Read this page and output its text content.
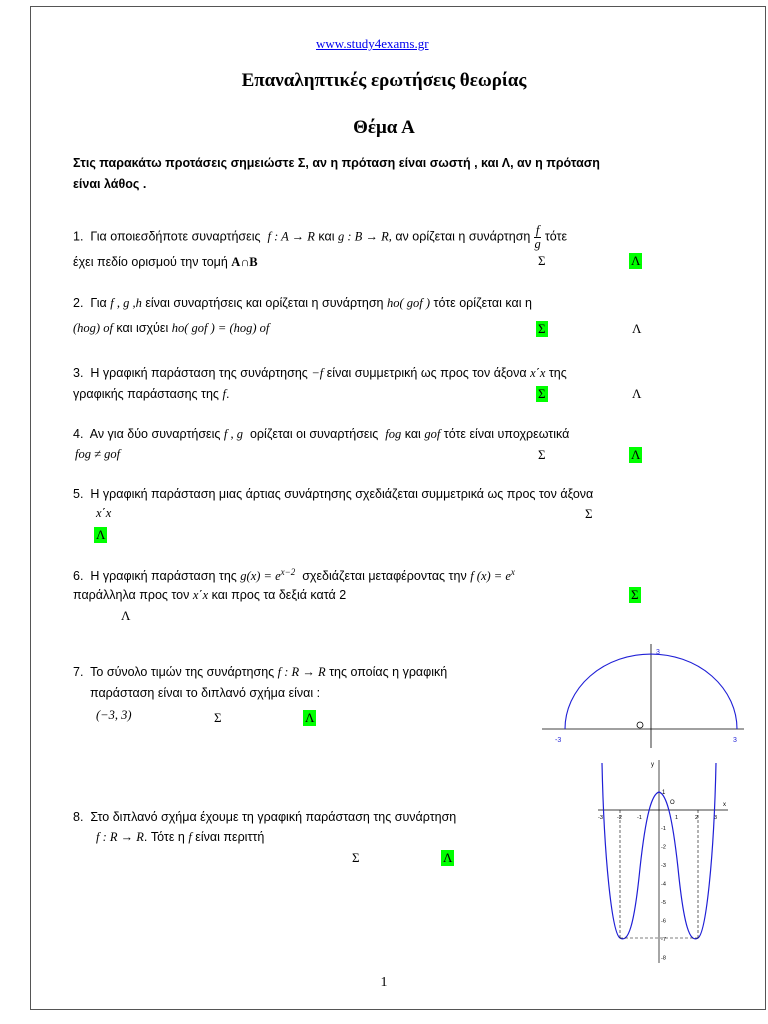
www.study4exams.gr
Επαναληπτικές ερωτήσεις θεωρίας
Θέμα Α
Στις παρακάτω προτάσεις σημειώστε Σ, αν η πρόταση είναι σωστή , και Λ, αν η πρόταση
είναι λάθος .
1. Για οποιεσδήποτε συναρτήσεις f : A → R και g : B → R, αν ορίζεται η συνάρτηση $\frac{f}{g}$ τότε
έχει πεδίο ορισμού την τομή A∩B	Σ	Λ
2. Για f , g ,h είναι συναρτήσεις και ορίζεται η συνάρτηση ho( gof ) τότε ορίζεται και η
(hog) of και ισχύει ho( gof ) = (hog) of	Σ	Λ
3. Η γραφική παράσταση της συνάρτησης −f είναι συμμετρική ως προς τον άξονα x΄x της
γραφικής παράστασης της f.	Σ	Λ
4. Αν για δύο συναρτήσεις f , g ορίζεται οι συναρτήσεις fog και gof τότε είναι υποχρεωτικά
fog ≠ gof	Σ	Λ
5. Η γραφική παράσταση μιας άρτιας συνάρτησης σχεδιάζεται συμμετρικά ως προς τον άξονα
x΄x	Σ
Λ
6. Η γραφική παράσταση της $g(x) = e^{x-2}$ σχεδιάζεται μεταφέροντας την f $(x) = e^x$
παράλληλα προς τον x΄x και προς τα δεξιά κατά 2	Σ
Λ
7. Το σύνολο τιμών της συνάρτησης f : R → R της οποίας η γραφική
παράσταση είναι το διπλανό σχήμα είναι :
(−3, 3)	Σ	Λ
3
-3	3
8. Στο διπλανό σχήμα έχουμε τη γραφική παράσταση της συνάρτηση
f : R → R. Τότε η f είναι περιττή
Σ	Λ
y
x
-3	-2	-1	1	2	3
-1
-2
-3
-4
-5
-6
-7
-8
1
O
1
